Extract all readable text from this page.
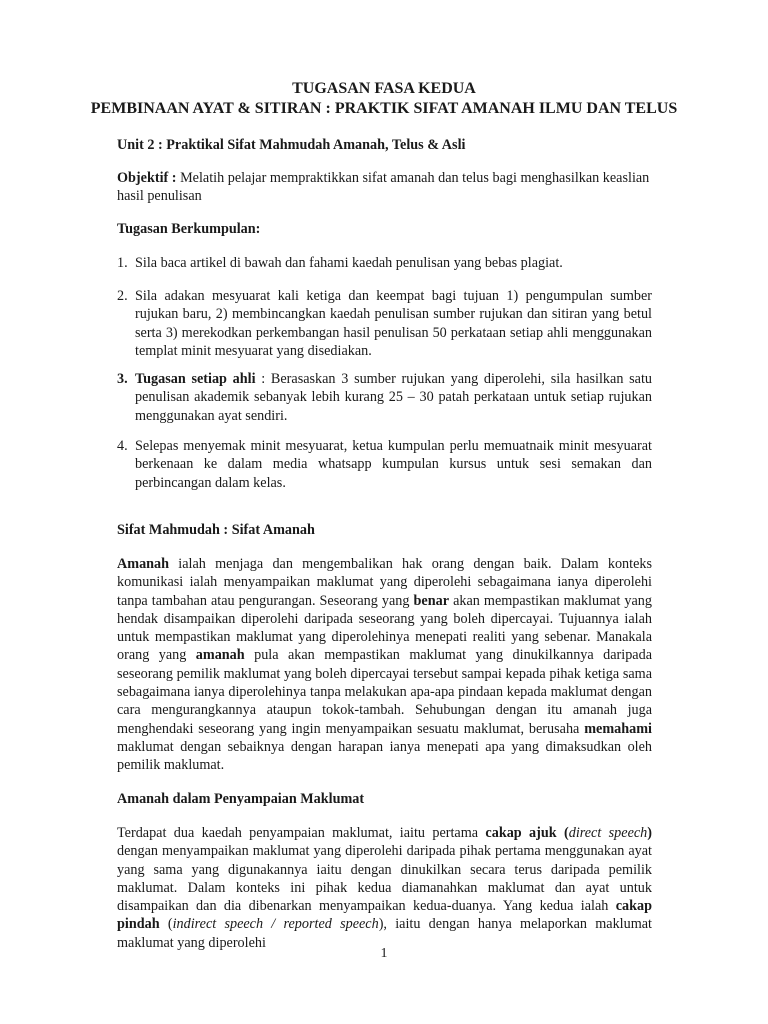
TUGASAN FASA KEDUA
PEMBINAAN AYAT & SITIRAN : PRAKTIK SIFAT AMANAH ILMU DAN TELUS
Unit 2 : Praktikal Sifat Mahmudah Amanah, Telus & Asli
Objektif : Melatih pelajar mempraktikkan sifat amanah dan telus bagi menghasilkan keaslian hasil penulisan
Tugasan Berkumpulan:
1. Sila baca artikel di bawah dan fahami kaedah penulisan yang bebas plagiat.
2. Sila adakan mesyuarat kali ketiga dan keempat bagi tujuan 1) pengumpulan sumber rujukan baru, 2) membincangkan kaedah penulisan sumber rujukan dan sitiran yang betul serta 3) merekodkan perkembangan hasil penulisan 50 perkataan setiap ahli menggunakan templat minit mesyuarat yang disediakan.
3. Tugasan setiap ahli : Berasaskan 3 sumber rujukan yang diperolehi, sila hasilkan satu penulisan akademik sebanyak lebih kurang 25 – 30 patah perkataan untuk setiap rujukan menggunakan ayat sendiri.
4. Selepas menyemak minit mesyuarat, ketua kumpulan perlu memuatnaik minit mesyuarat berkenaan ke dalam media whatsapp kumpulan kursus untuk sesi semakan dan perbincangan dalam kelas.
Sifat Mahmudah : Sifat Amanah
Amanah ialah menjaga dan mengembalikan hak orang dengan baik. Dalam konteks komunikasi ialah menyampaikan maklumat yang diperolehi sebagaimana ianya diperolehi tanpa tambahan atau pengurangan. Seseorang yang benar akan mempastikan maklumat yang hendak disampaikan diperolehi daripada seseorang yang boleh dipercayai. Tujuannya ialah untuk mempastikan maklumat yang diperolehinya menepati realiti yang sebenar. Manakala orang yang amanah pula akan mempastikan maklumat yang dinukilkannya daripada seseorang pemilik maklumat yang boleh dipercayai tersebut sampai kepada pihak ketiga sama sebagaimana ianya diperolehinya tanpa melakukan apa-apa pindaan kepada maklumat dengan cara mengurangkannya ataupun tokok-tambah. Sehubungan dengan itu amanah juga menghendaki seseorang yang ingin menyampaikan sesuatu maklumat, berusaha memahami maklumat dengan sebaiknya dengan harapan ianya menepati apa yang dimaksudkan oleh pemilik maklumat.
Amanah dalam Penyampaian Maklumat
Terdapat dua kaedah penyampaian maklumat, iaitu pertama cakap ajuk (direct speech) dengan menyampaikan maklumat yang diperolehi daripada pihak pertama menggunakan ayat yang sama yang digunakannya iaitu dengan dinukilkan secara terus daripada pemilik maklumat. Dalam konteks ini pihak kedua diamanahkan maklumat dan ayat untuk disampaikan dan dia dibenarkan menyampaikan kedua-duanya. Yang kedua ialah cakap pindah (indirect speech / reported speech), iaitu dengan hanya melaporkan maklumat maklumat yang diperolehi
1
